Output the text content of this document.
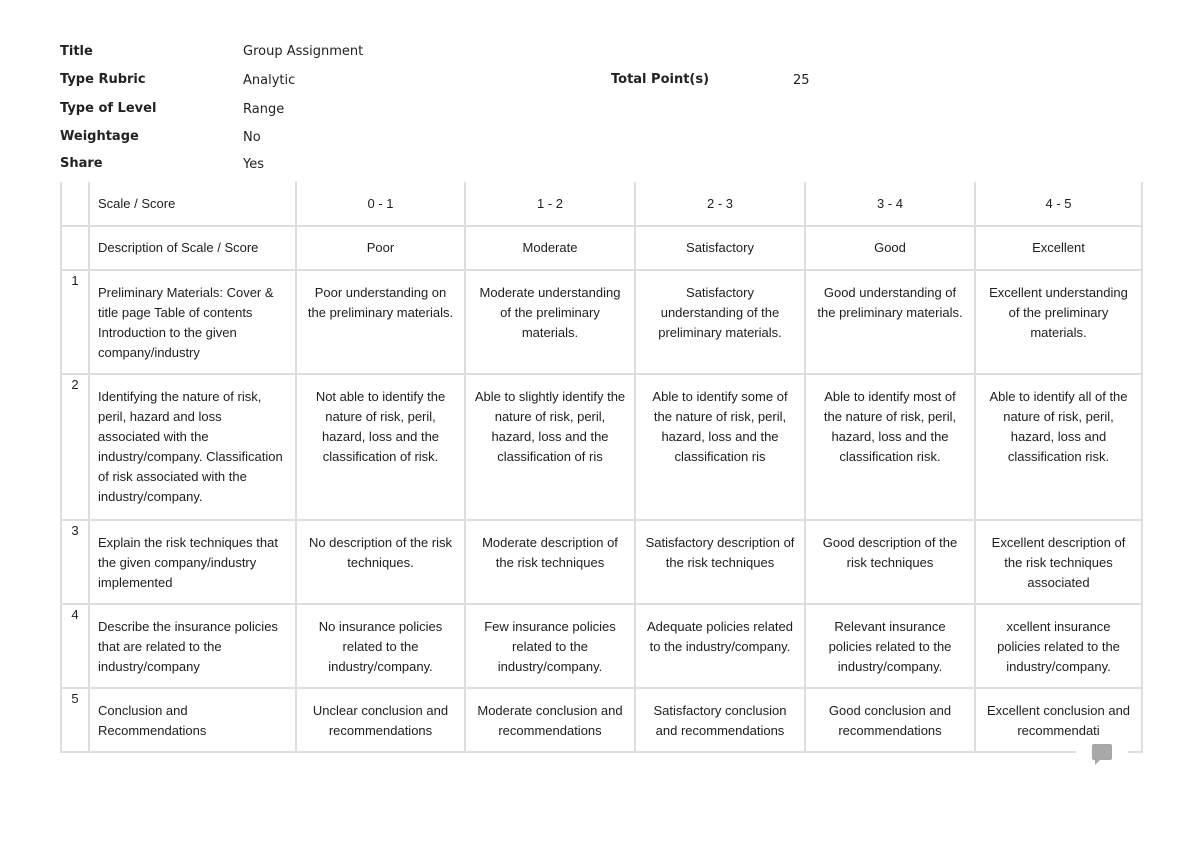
Title	Group Assignment
Type Rubric	Analytic	Total Point(s)	25
Type of Level	Range
Weightage	No
Share	Yes
	Scale / Score	0 - 1	1 - 2	2 - 3	3 - 4	4 - 5
	Description of Scale / Score	Poor	Moderate	Satisfactory	Good	Excellent
1	Preliminary Materials: Cover & title page Table of contents Introduction to the given company/industry	Poor understanding on the preliminary materials.	Moderate understanding of the preliminary materials.	Satisfactory understanding of the preliminary materials.	Good understanding of the preliminary materials.	Excellent understanding of the preliminary materials.
2	Identifying the nature of risk, peril, hazard and loss associated with the industry/company. Classification of risk associated with the industry/company.	Not able to identify the nature of risk, peril, hazard, loss and the classification of risk.	Able to slightly identify the nature of risk, peril, hazard, loss and the classification of ris	Able to identify some of the nature of risk, peril, hazard, loss and the classification ris	Able to identify most of the nature of risk, peril, hazard, loss and the classification risk.	Able to identify all of the nature of risk, peril, hazard, loss and classification risk.
3	Explain the risk techniques that the given company/industry implemented	No description of the risk techniques.	Moderate description of the risk techniques	Satisfactory description of the risk techniques	Good description of the risk techniques	Excellent description of the risk techniques associated
4	Describe the insurance policies that are related to the industry/company	No insurance policies related to the industry/company.	Few insurance policies related to the industry/company.	Adequate policies related to the industry/company.	Relevant insurance policies related to the industry/company.	xcellent insurance policies related to the industry/company.
5	Conclusion and Recommendations	Unclear conclusion and recommendations	Moderate conclusion and recommendations	Satisfactory conclusion and recommendations	Good conclusion and recommendations	Excellent conclusion and recommendati
